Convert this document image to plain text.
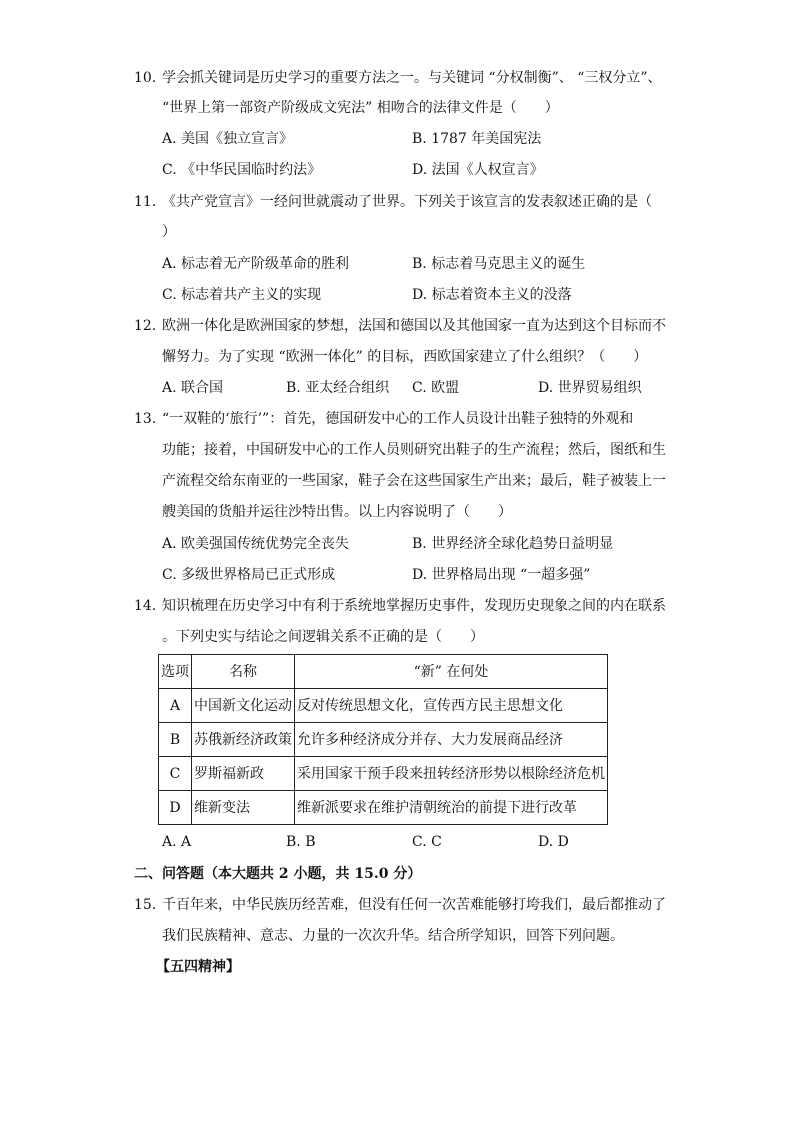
10. 学会抓关键词是历史学习的重要方法之一。与关键词 “分权制衡”、 “三权分立”、
“世界上第一部资产阶级成文宪法” 相吻合的法律文件是（　　）
A. 美国《独立宣言》	B. 1787 年美国宪法
C. 《中华民国临时约法》	D. 法国《人权宣言》
11. 《共产党宣言》一经问世就震动了世界。下列关于该宣言的发表叙述正确的是（
）
A. 标志着无产阶级革命的胜利	B. 标志着马克思主义的诞生
C. 标志着共产主义的实现	D. 标志着资本主义的没落
12. 欧洲一体化是欧洲国家的梦想，法国和德国以及其他国家一直为达到这个目标而不
懈努力。为了实现 “欧洲一体化” 的目标，西欧国家建立了什么组织？（　　）
A. 联合国	B. 亚太经合组织 C. 欧盟	D. 世界贸易组织
13. “一双鞋的‘旅行’”：首先，德国研发中心的工作人员设计出鞋子独特的外观和
功能；接着，中国研发中心的工作人员则研究出鞋子的生产流程；然后，图纸和生
产流程交给东南亚的一些国家，鞋子会在这些国家生产出来；最后，鞋子被装上一
艘美国的货船并运往沙特出售。以上内容说明了（　　）
A. 欧美强国传统优势完全丧失	B. 世界经济全球化趋势日益明显
C. 多级世界格局已正式形成	D. 世界格局出现 “一超多强”
14. 知识梳理在历史学习中有利于系统地掌握历史事件，发现历史现象之间的内在联系
。下列史实与结论之间逻辑关系不正确的是（　　）
选项	名称	“新” 在何处
A	中国新文化运动	反对传统思想文化，宣传西方民主思想文化
B	苏俄新经济政策	允许多种经济成分并存、大力发展商品经济
C	罗斯福新政	采用国家干预手段来扭转经济形势以根除经济危机
D	维新变法	维新派要求在维护清朝统治的前提下进行改革
A. A	B. B	C. C	D. D
二、问答题（本大题共 2 小题，共 15.0 分）
15. 千百年来，中华民族历经苦难，但没有任何一次苦难能够打垮我们，最后都推动了
我们民族精神、意志、力量的一次次升华。结合所学知识，回答下列问题。
【五四精神】
